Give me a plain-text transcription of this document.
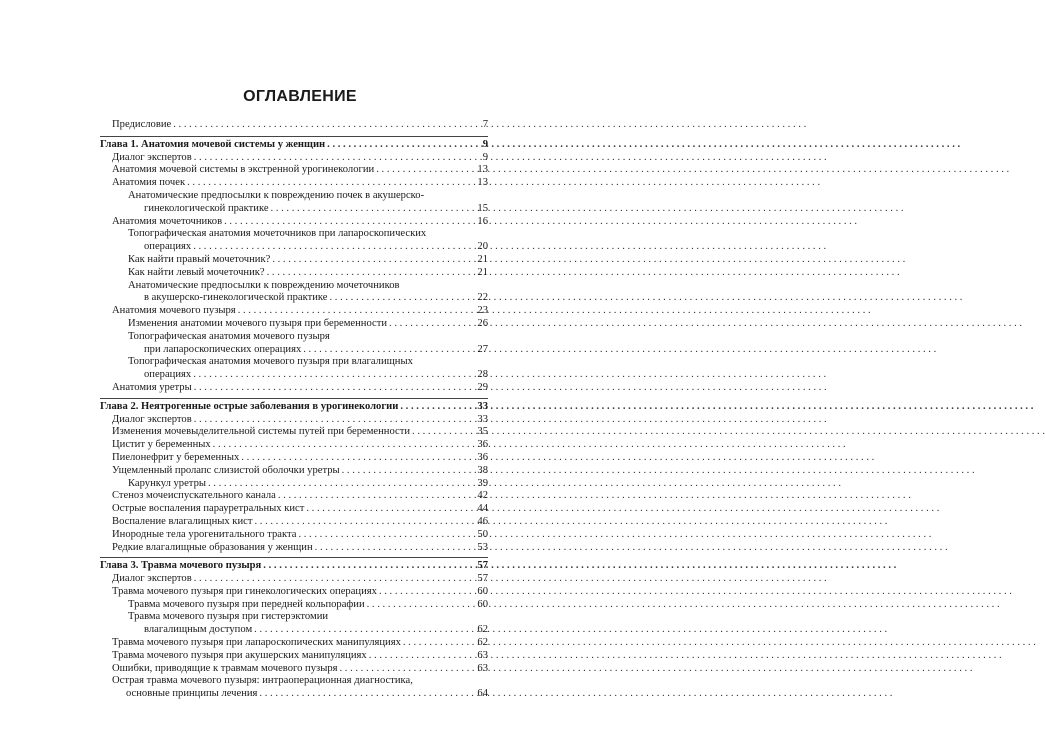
ОГЛАВЛЕНИЕ
Предисловие . . .	7
Глава 1. Анатомия мочевой системы у женщин . . .	9
Диалог экспертов . . .	9
Анатомия мочевой системы в экстренной урогинекологии . . .	13
Анатомия почек . . .	13
Анатомические предпосылки к повреждению почек в акушерско-
гинекологической практике . . .	15
Анатомия мочеточников . . .	16
Топографическая анатомия мочеточников при лапароскопических
операциях . . .	20
Как найти правый мочеточник? . . .	21
Как найти левый мочеточник? . . .	21
Анатомические предпосылки к повреждению мочеточников
в акушерско-гинекологической практике . . .	22
Анатомия мочевого пузыря . . .	23
Изменения анатомии мочевого пузыря при беременности . . .	26
Топографическая анатомия мочевого пузыря
при лапароскопических операциях . . .	27
Топографическая анатомия мочевого пузыря при влагалищных
операциях . . .	28
Анатомия уретры . . .	29
Глава 2. Неятрогенные острые заболевания в урогинекологии . . .	33
Диалог экспертов . . .	33
Изменения мочевыделительной системы путей при беременности . . .	35
Цистит у беременных . . .	36
Пиелонефрит у беременных . . .	36
Ущемленный пролапс слизистой оболочки уретры . . .	38
Карункул уретры . . .	39
Стеноз мочеиспускательного канала . . .	42
Острые воспаления парауретральных кист . . .	44
Воспаление влагалищных кист . . .	46
Инородные тела урогенитального тракта . . .	50
Редкие влагалищные образования у женщин . . .	53
Глава 3. Травма мочевого пузыря . . .	57
Диалог экспертов . . .	57
Травма мочевого пузыря при гинекологических операциях . . .	60
Травма мочевого пузыря при передней кольпорафии . . .	60
Травма мочевого пузыря при гистерэктомии
влагалищным доступом . . .	62
Травма мочевого пузыря при лапароскопических манипуляциях . . .	62
Травма мочевого пузыря при акушерских манипуляциях . . .	63
Ошибки, приводящие к травмам мочевого пузыря . . .	63
Острая травма мочевого пузыря: интраоперационная диагностика,
основные принципы лечения . . .	64
